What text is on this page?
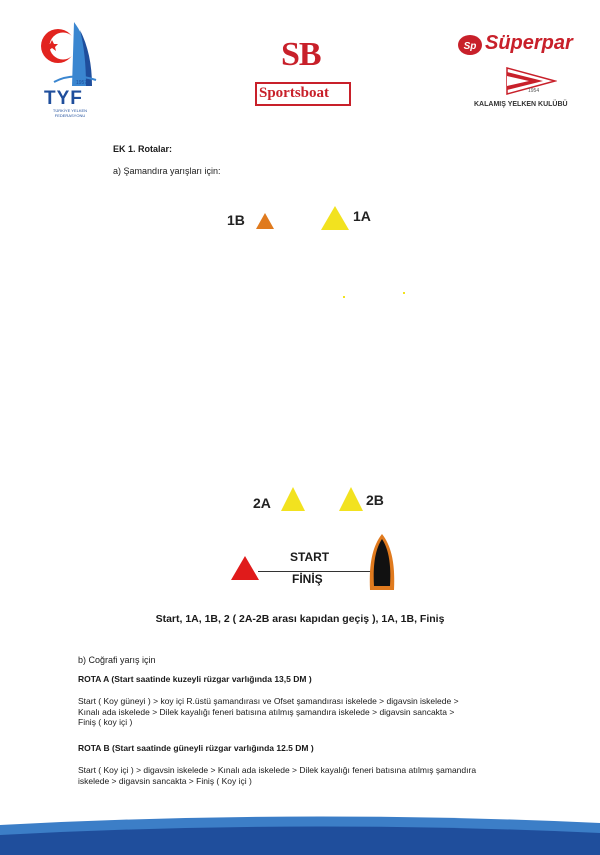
1957
TYF
TÜRKİYE YELKEN FEDERASYONU
SB
Sportsboat
Sp Süperpar
1954
KALAMIŞ YELKEN KULÜBÜ
EK 1. Rotalar:
a) Şamandıra yarışları için:
1B	1A
2A	2B
START
FİNİŞ
Start, 1A, 1B, 2 ( 2A-2B arası kapıdan geçiş ), 1A, 1B, Finiş
b) Coğrafi yarış için
ROTA A (Start saatinde kuzeyli rüzgar varlığında 13,5 DM )
Start ( Koy güneyi ) > koy içi R.üstü şamandırası ve Ofset şamandırası iskelede > digavsin iskelede >
Kınalı ada iskelede > Dilek kayalığı feneri batısına atılmış şamandıra iskelede > digavsin sancakta >
Finiş ( koy içi )
ROTA B (Start saatinde güneyli rüzgar varlığında 12.5 DM )
Start ( Koy içi ) > digavsin iskelede > Kınalı ada iskelede > Dilek kayalığı feneri batısına atılmış şamandıra
iskelede > digavsin sancakta > Finiş ( Koy içi )
